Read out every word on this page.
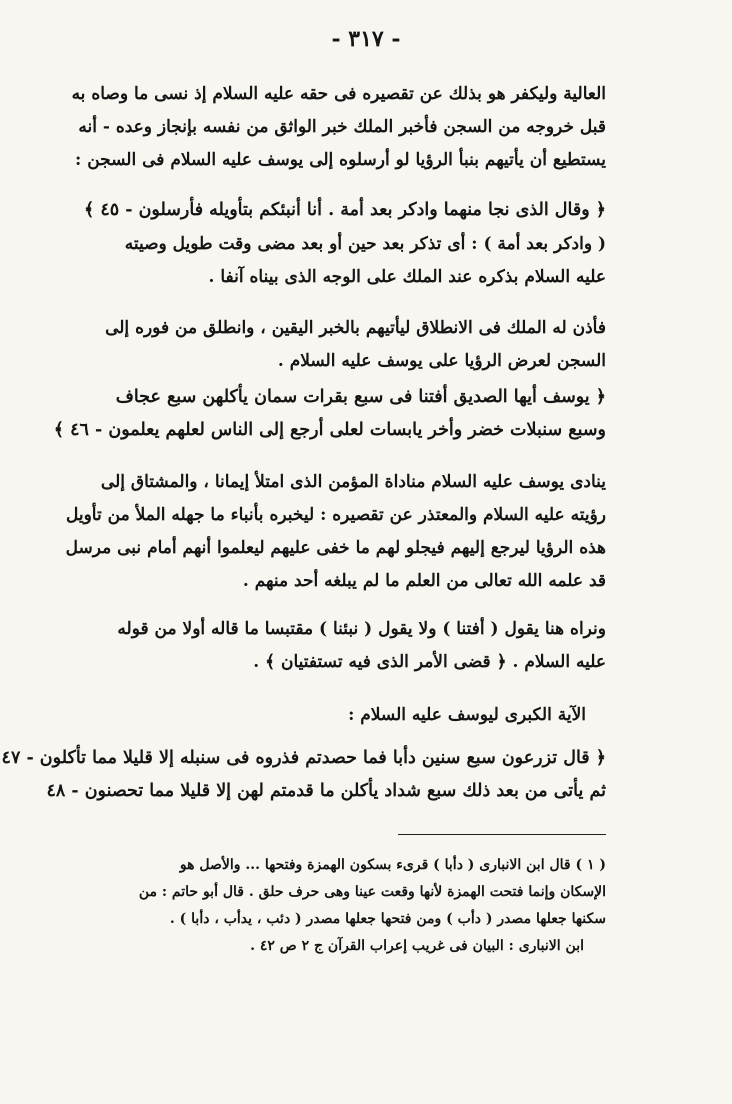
- ٣١٧ -
العالية وليكفر هو بذلك عن تقصيره فى حقه عليه السلام إذ نسى ما وصاه به
قبل خروجه من السجن فأخبر الملك خبر الواثق من نفسه بإنجاز وعده - أنه
يستطيع أن يأتيهم بنبأ الرؤيا لو أرسلوه إلى يوسف عليه السلام فى السجن :
﴿ وقال الذى نجا منهما وادكر بعد أمة . أنا أنبئكم بتأويله فأرسلون - ٤٥ ﴾
( وادكر بعد أمة ) : أى تذكر بعد حين أو بعد مضى وقت طويل وصيته
عليه السلام بذكره عند الملك على الوجه الذى بيناه آنفا .
فأذن له الملك فى الانطلاق ليأتيهم بالخبر اليقين ، وانطلق من فوره إلى
السجن لعرض الرؤيا على يوسف عليه السلام .
﴿ يوسف أيها الصديق أفتنا فى سبع بقرات سمان يأكلهن سبع عجاف
وسبع سنبلات خضر وأخر يابسات لعلى أرجع إلى الناس لعلهم يعلمون - ٤٦ ﴾
ينادى يوسف عليه السلام مناداة المؤمن الذى امتلأ إيمانا ، والمشتاق إلى
رؤيته عليه السلام والمعتذر عن تقصيره : ليخبره بأنباء ما جهله الملأ من تأويل
هذه الرؤيا ليرجع إليهم فيجلو لهم ما خفى عليهم ليعلموا أنهم أمام نبى مرسل
قد علمه الله تعالى من العلم ما لم يبلغه أحد منهم .
ونراه هنا يقول ( أفتنا ) ولا يقول ( نبئنا ) مقتبسا ما قاله أولا من قوله
عليه السلام . ﴿ قضى الأمر الذى فيه تستفتيان ﴾ .
الآية الكبرى ليوسف عليه السلام :
﴿ قال تزرعون سبع سنين دأبا فما حصدتم فذروه فى سنبله إلا قليلا مما تأكلون - ٤٧
ثم يأتى من بعد ذلك سبع شداد يأكلن ما قدمتم لهن إلا قليلا مما تحصنون - ٤٨
( ١ ) قال ابن الانبارى ( دأبا ) قرىء بسكون الهمزة وفتحها ... والأصل هو
الإسكان وإنما فتحت الهمزة لأنها وقعت عينا وهى حرف حلق . قال أبو حاتم : من
سكنها جعلها مصدر ( دأب ) ومن فتحها جعلها مصدر ( دئب ، يدأب ، دأبا ) .
ابن الانبارى : البيان فى غريب إعراب القرآن ج ٢ ص ٤٢ .
